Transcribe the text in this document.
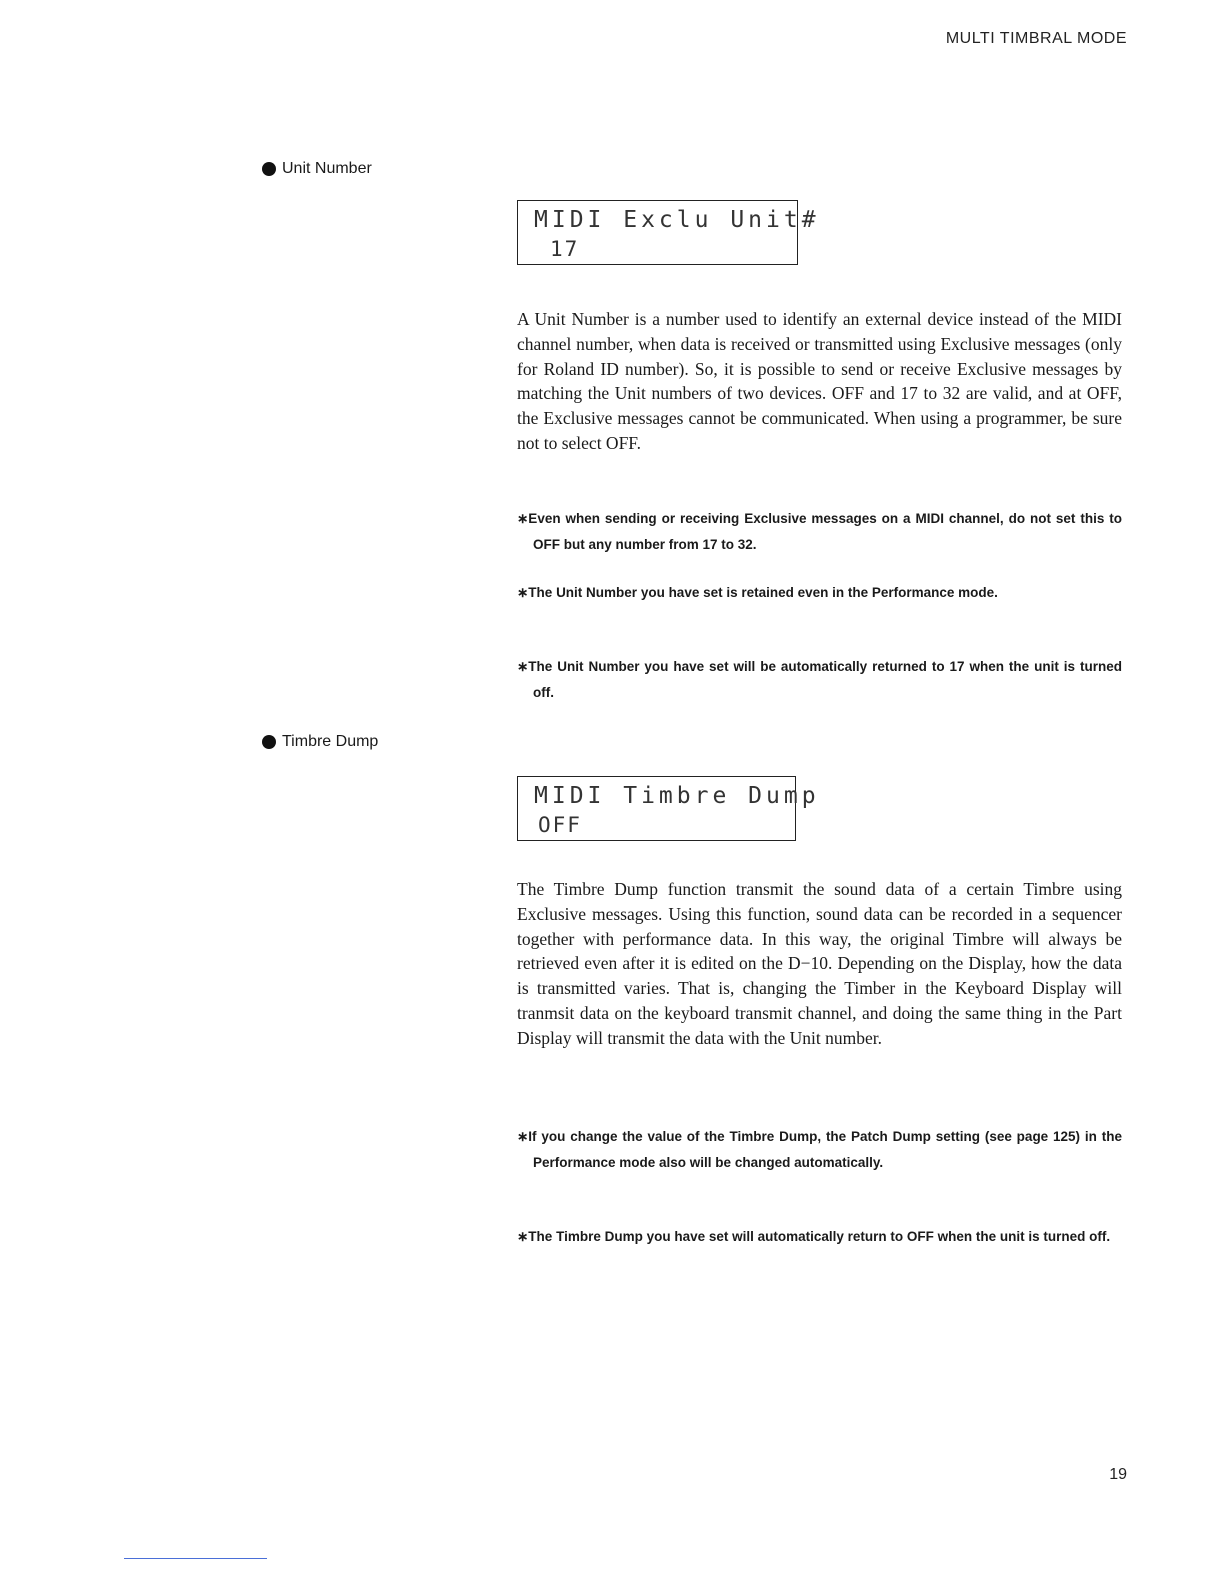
MULTI TIMBRAL MODE
Unit Number
MIDI Exclu Unit#
17
A Unit Number is a number used to identify an external device instead of the MIDI channel number, when data is received or transmitted using Exclusive messages (only for Roland ID number). So, it is possible to send or receive Exclusive messages by matching the Unit numbers of two devices. OFF and 17 to 32 are valid, and at OFF, the Exclusive messages cannot be communicated. When using a programmer, be sure not to select OFF.
∗Even when sending or receiving Exclusive messages on a MIDI channel, do not set this to OFF but any number from 17 to 32.
∗The Unit Number you have set is retained even in the Performance mode.
∗The Unit Number you have set will be automatically returned to 17 when the unit is turned off.
Timbre Dump
MIDI Timbre Dump
OFF
The Timbre Dump function transmit the sound data of a certain Timbre using Exclusive messages. Using this function, sound data can be recorded in a sequencer together with performance data. In this way, the original Timbre will always be retrieved even after it is edited on the D−10. Depending on the Display, how the data is transmitted varies. That is, changing the Timber in the Keyboard Display will tranmsit data on the keyboard transmit channel, and doing the same thing in the Part Display will transmit the data with the Unit number.
∗If you change the value of the Timbre Dump, the Patch Dump setting (see page 125) in the Performance mode also will be changed automatically.
∗The Timbre Dump you have set will automatically return to OFF when the unit is turned off.
19
